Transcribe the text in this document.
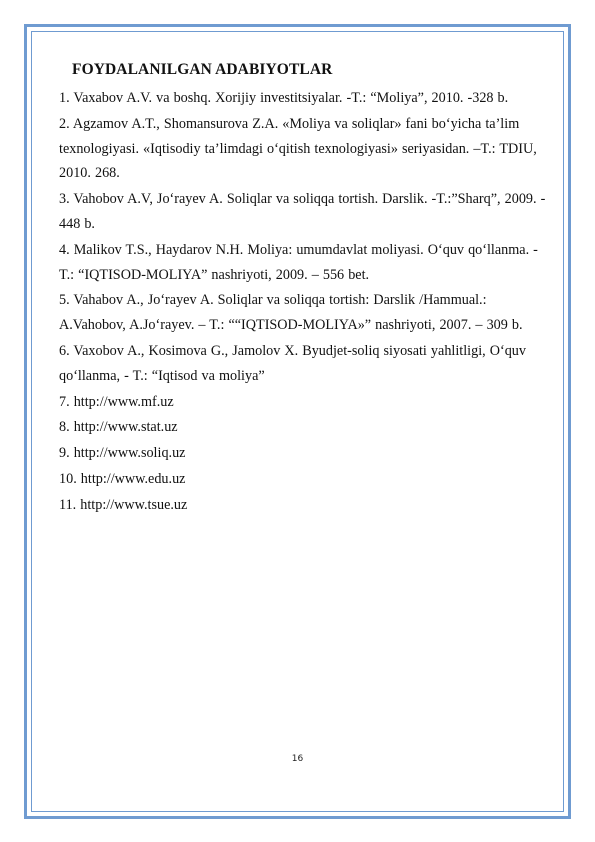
FOYDALANILGAN ADABIYOTLAR

1. Vaxabov A.V. va boshq. Xorijiy investitsiyalar. -T.: “Moliya”, 2010. -328 b.

2. Agzamov A.T., Shomansurova Z.A. «Moliya va soliqlar» fani bo‘yicha ta’lim texnologiyasi. «Iqtisodiy ta’limdagi o‘qitish texnologiyasi» seriyasidan. –T.: TDIU, 2010. 268.

3. Vahobov A.V, Jo‘rayev A. Soliqlar va soliqqa tortish. Darslik. -T.:”Sharq”, 2009. - 448 b.

4. Malikov T.S., Haydarov N.H. Moliya: umumdavlat moliyasi. O‘quv qo‘llanma. -T.: “IQTISOD-MOLIYA” nashriyoti, 2009. – 556 bet.

5. Vahabov A., Jo‘rayev A. Soliqlar va soliqqa tortish: Darslik /Hammual.: A.Vahobov, A.Jo‘rayev. – T.: ““IQTISOD-MOLIYA»” nashriyoti, 2007. – 309 b.

6. Vaxobov A., Kosimova G., Jamolov X. Byudjet-soliq siyosati yahlitligi, O‘quv qo‘llanma, - T.: “Iqtisod va moliya”

7. http://www.mf.uz

8. http://www.stat.uz

9. http://www.soliq.uz

10. http://www.edu.uz

11. http://www.tsue.uz

16
